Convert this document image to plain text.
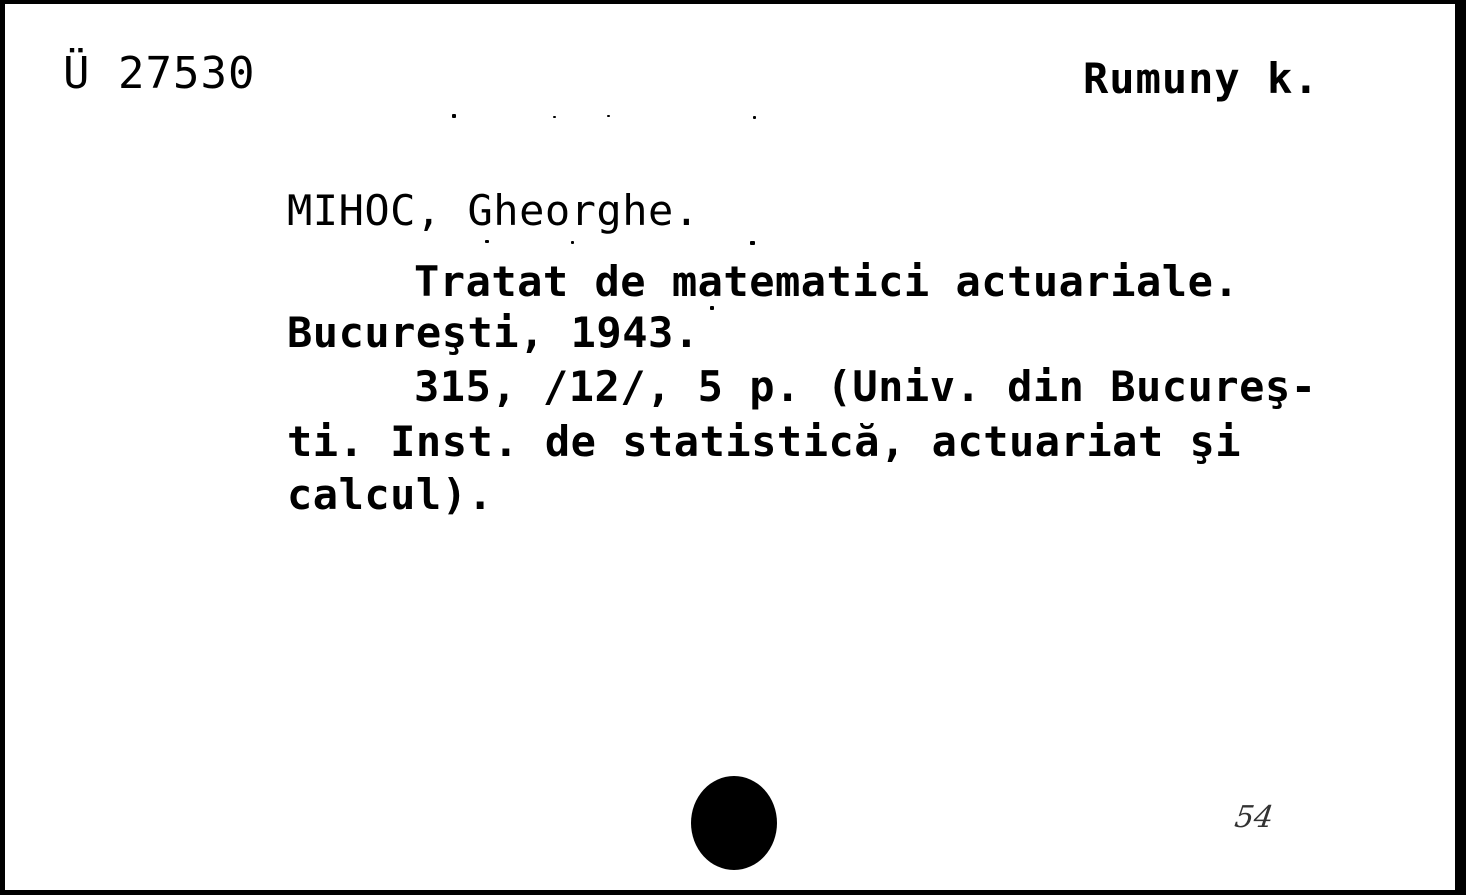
Ü 27530	Rumuny k.
MIHOC, Gheorghe.
Tratat de matematici actuariale.
Bucureşti, 1943.
315, /12/, 5 p. (Univ. din Bucureş-
ti. Inst. de statistică, actuariat şi
calcul).
54
